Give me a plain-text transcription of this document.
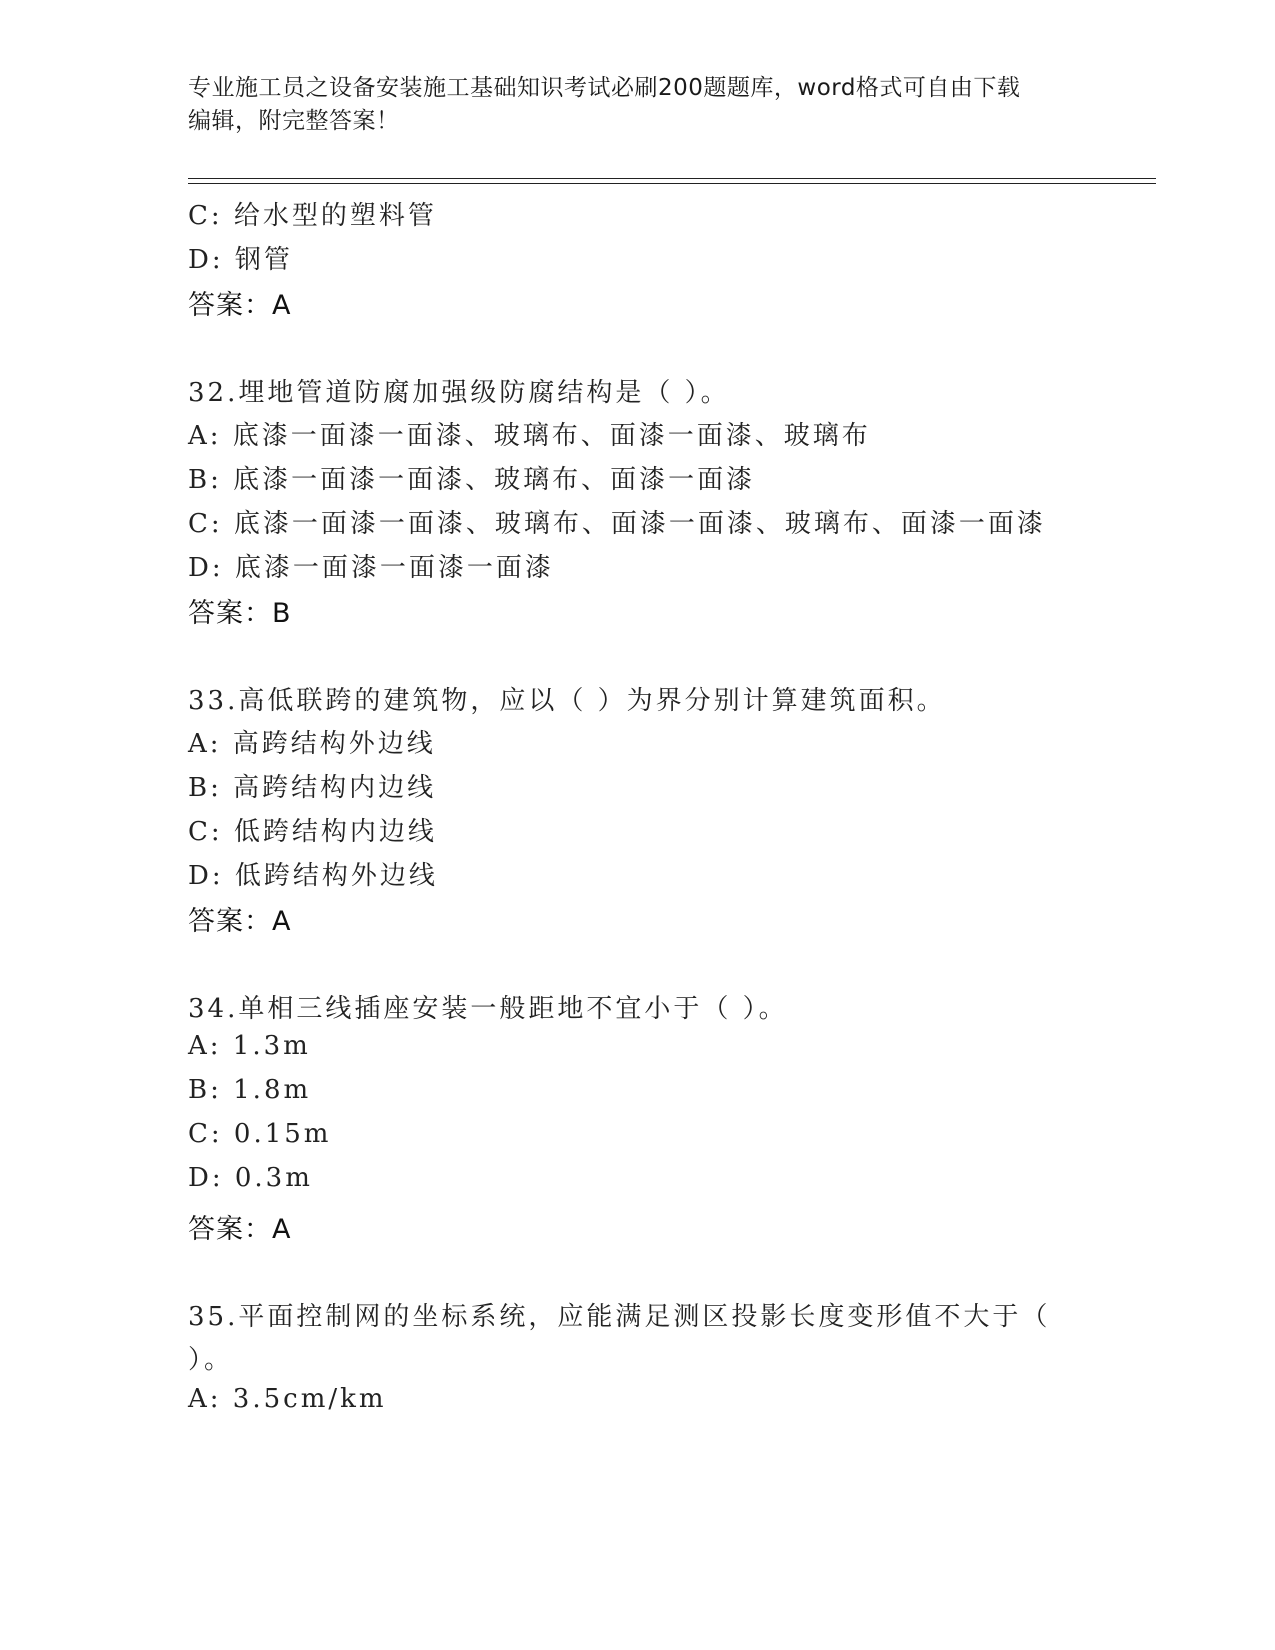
专业施工员之设备安装施工基础知识考试必刷200题题库，word格式可自由下载
编辑，附完整答案！
C: 给水型的塑料管
D: 钢管
答案：A
32.埋地管道防腐加强级防腐结构是（ ）。
A: 底漆一面漆一面漆、玻璃布、面漆一面漆、玻璃布
B: 底漆一面漆一面漆、玻璃布、面漆一面漆
C: 底漆一面漆一面漆、玻璃布、面漆一面漆、玻璃布、面漆一面漆
D: 底漆一面漆一面漆一面漆
答案：B
33.高低联跨的建筑物，应以（ ）为界分别计算建筑面积。
A: 高跨结构外边线
B: 高跨结构内边线
C: 低跨结构内边线
D: 低跨结构外边线
答案：A
34.单相三线插座安装一般距地不宜小于（ ）。
A: 1.3m
B: 1.8m
C: 0.15m
D: 0.3m
答案：A
35.平面控制网的坐标系统，应能满足测区投影长度变形值不大于（
）。
A: 3.5cm/km
